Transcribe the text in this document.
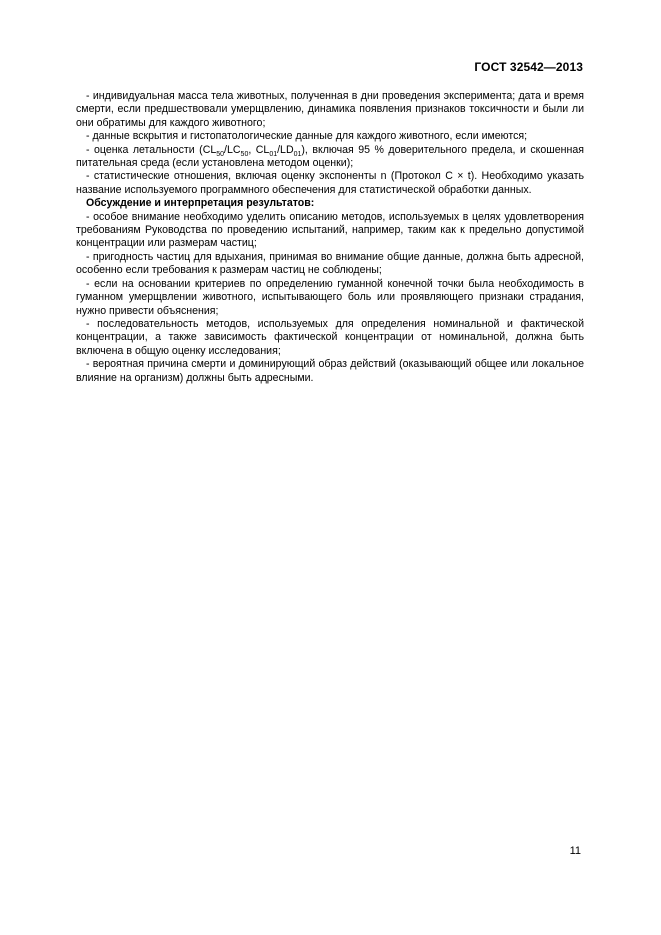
ГОСТ 32542—2013

- индивидуальная масса тела животных, полученная в дни проведения эксперимента; дата и время смерти, если предшествовали умерщвлению, динамика появления признаков токсичности и были ли они обратимы для каждого животного;

- данные вскрытия и гистопатологические данные для каждого животного, если имеются;

- оценка летальности ($CL_{50}/LC_{50}$, $CL_{01}/LD_{01}$), включая 95 % доверительного предела, и скошенная питательная среда (если установлена методом оценки);

- статистические отношения, включая оценку экспоненты n (Протокол С × t). Необходимо указать название используемого программного обеспечения для статистической обработки данных.

Обсуждение и интерпретация результатов:

- особое внимание необходимо уделить описанию методов, используемых в целях удовлетворения требованиям Руководства по проведению испытаний, например, таким как к предельно допустимой концентрации или размерам частиц;

- пригодность частиц для вдыхания, принимая во внимание общие данные, должна быть адресной, особенно если требования к размерам частиц не соблюдены;

- если на основании критериев по определению гуманной конечной точки была необходимость в гуманном умерщвлении животного, испытывающего боль или проявляющего признаки страдания, нужно привести объяснения;

- последовательность методов, используемых для определения номинальной и фактической концентрации, а также зависимость фактической концентрации от номинальной, должна быть включена в общую оценку исследования;

- вероятная причина смерти и доминирующий образ действий (оказывающий общее или локальное влияние на организм) должны быть адресными.

11
